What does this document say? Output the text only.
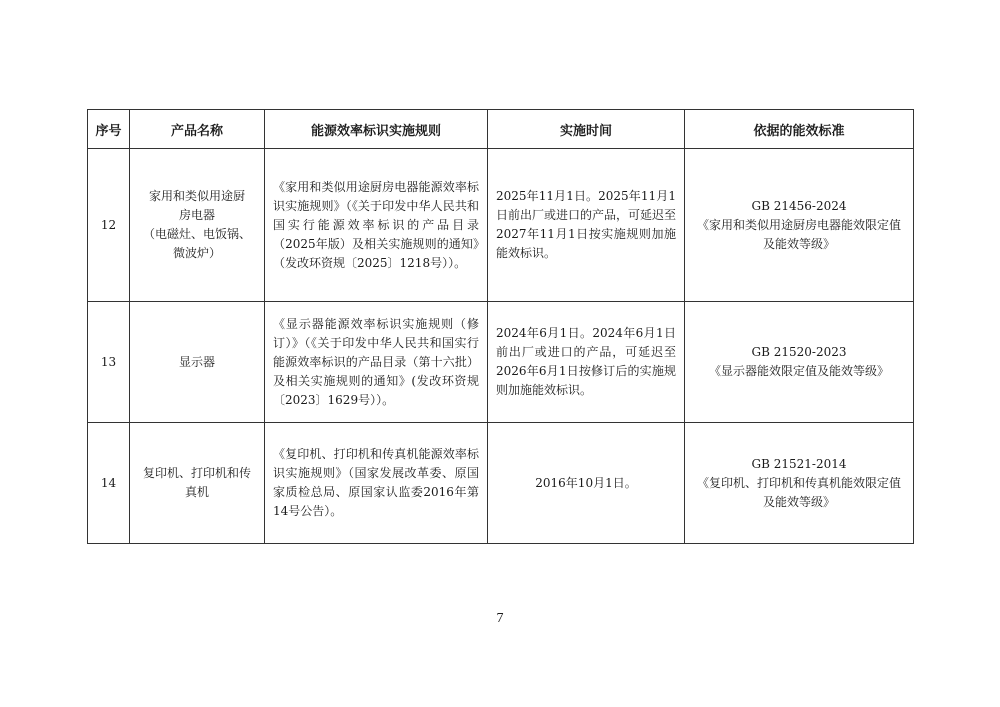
序号	产品名称	能源效率标识实施规则	实施时间	依据的能效标准
12	家用和类似用途厨
房电器
（电磁灶、电饭锅、
微波炉）	《家用和类似用途厨房电器能源效率标识实施规则》（《关于印发中华人民共和国实行能源效率标识的产品目录（2025年版）及相关实施规则的通知》（发改环资规〔2025〕1218号））。	2025年11月1日。2025年11月1日前出厂或进口的产品，可延迟至2027年11月1日按实施规则加施能效标识。	GB 21456-2024
《家用和类似用途厨房电器能效限定值及能效等级》

13	显示器	《显示器能源效率标识实施规则（修订）》（《关于印发中华人民共和国实行能源效率标识的产品目录（第十六批）及相关实施规则的通知》(发改环资规〔2023〕1629号））。	2024年6月1日。2024年6月1日前出厂或进口的产品，可延迟至2026年6月1日按修订后的实施规则加施能效标识。	GB 21520-2023
《显示器能效限定值及能效等级》

14	复印机、打印机和传
真机	《复印机、打印机和传真机能源效率标识实施规则》（国家发展改革委、原国家质检总局、原国家认监委2016年第14号公告）。	2016年10月1日。	GB 21521-2014
《复印机、打印机和传真机能效限定值及能效等级》
7
